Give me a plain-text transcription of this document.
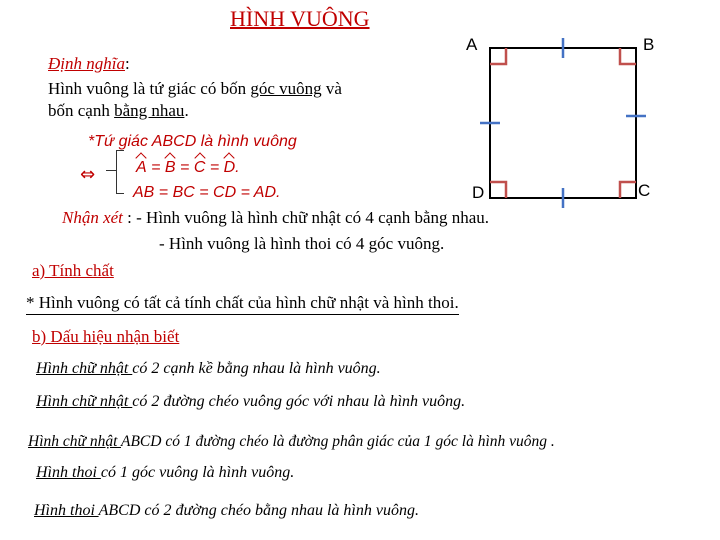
HÌNH VUÔNG
Định nghĩa:
Hình vuông là tứ giác có bốn góc vuông và
bốn cạnh bằng nhau.
*Tứ giác ABCD là hình vuông
⇔	A = B = C = D.
AB = BC = CD = AD.
A	B
D	C
Nhận xét : - Hình vuông là hình chữ nhật có 4 cạnh bằng nhau.
- Hình vuông là hình thoi có 4 góc vuông.
a) Tính chất
* Hình vuông có tất cả tính chất của hình chữ nhật và hình thoi.
b) Dấu hiệu nhận biết
Hình chữ nhật có 2 cạnh kề bằng nhau là hình vuông.
Hình chữ nhật có 2 đường chéo vuông góc với nhau là hình vuông.
Hình chữ nhật ABCD có 1 đường chéo là đường phân giác của 1 góc là hình vuông .
Hình thoi có 1 góc vuông là hình vuông.
Hình thoi ABCD có 2 đường chéo bằng nhau là hình vuông.
